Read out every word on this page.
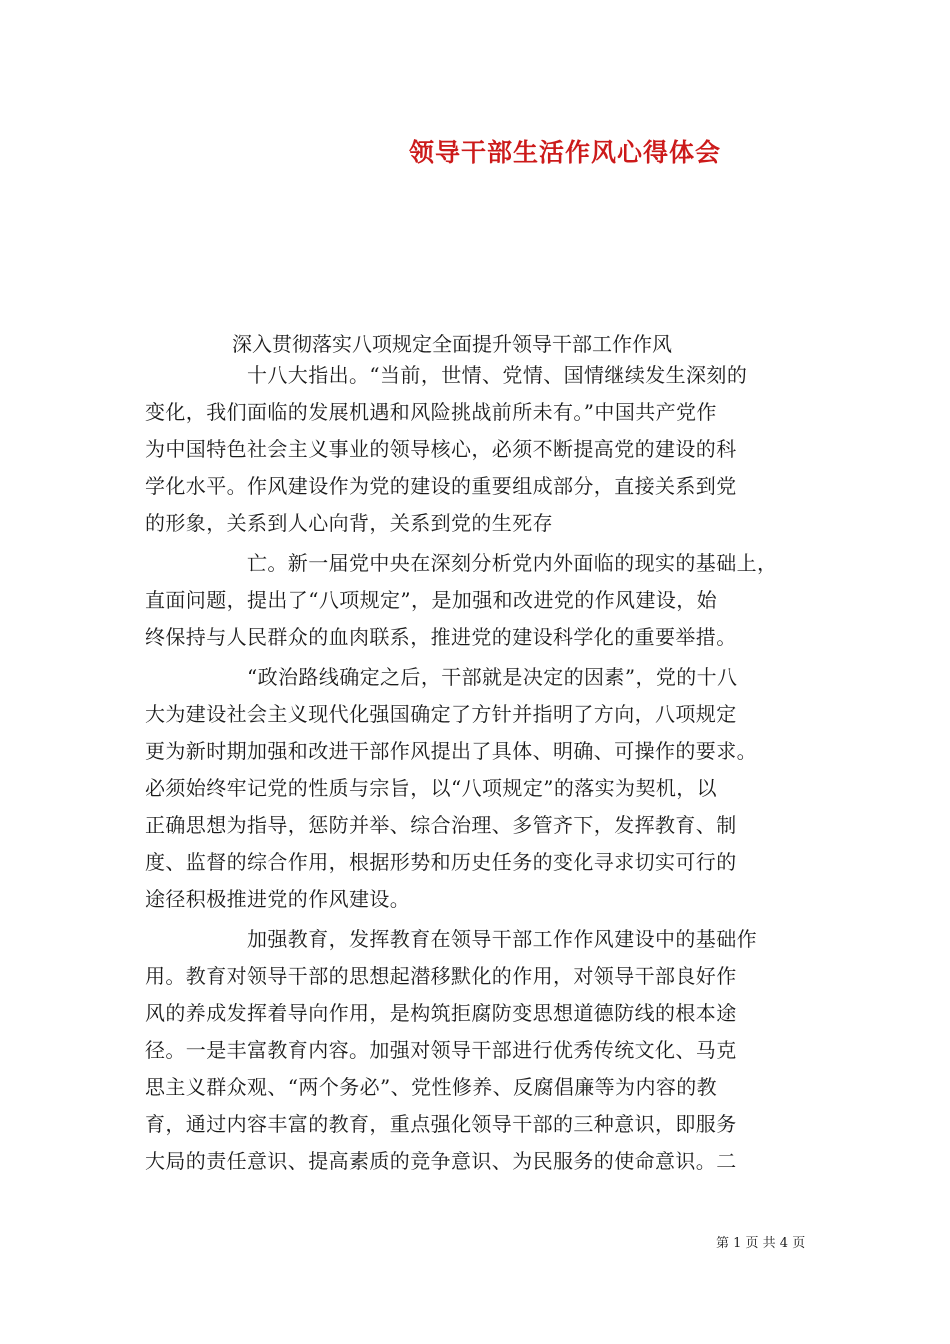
领导干部生活作风心得体会
深入贯彻落实八项规定全面提升领导干部工作作风
十八大指出。“当前，世情、党情、国情继续发生深刻的
变化，我们面临的发展机遇和风险挑战前所未有。”中国共产党作
为中国特色社会主义事业的领导核心，必须不断提高党的建设的科
学化水平。作风建设作为党的建设的重要组成部分，直接关系到党
的形象，关系到人心向背，关系到党的生死存
亡。新一届党中央在深刻分析党内外面临的现实的基础上，
直面问题，提出了“八项规定”，是加强和改进党的作风建设，始
终保持与人民群众的血肉联系，推进党的建设科学化的重要举措。
“政治路线确定之后，干部就是决定的因素”，党的十八
大为建设社会主义现代化强国确定了方针并指明了方向，八项规定
更为新时期加强和改进干部作风提出了具体、明确、可操作的要求。
必须始终牢记党的性质与宗旨，以“八项规定”的落实为契机，以
正确思想为指导，惩防并举、综合治理、多管齐下，发挥教育、制
度、监督的综合作用，根据形势和历史任务的变化寻求切实可行的
途径积极推进党的作风建设。
加强教育，发挥教育在领导干部工作作风建设中的基础作
用。教育对领导干部的思想起潜移默化的作用，对领导干部良好作
风的养成发挥着导向作用，是构筑拒腐防变思想道德防线的根本途
径。一是丰富教育内容。加强对领导干部进行优秀传统文化、马克
思主义群众观、“两个务必”、党性修养、反腐倡廉等为内容的教
育，通过内容丰富的教育，重点强化领导干部的三种意识，即服务
大局的责任意识、提高素质的竞争意识、为民服务的使命意识。二
第 1 页 共 4 页
